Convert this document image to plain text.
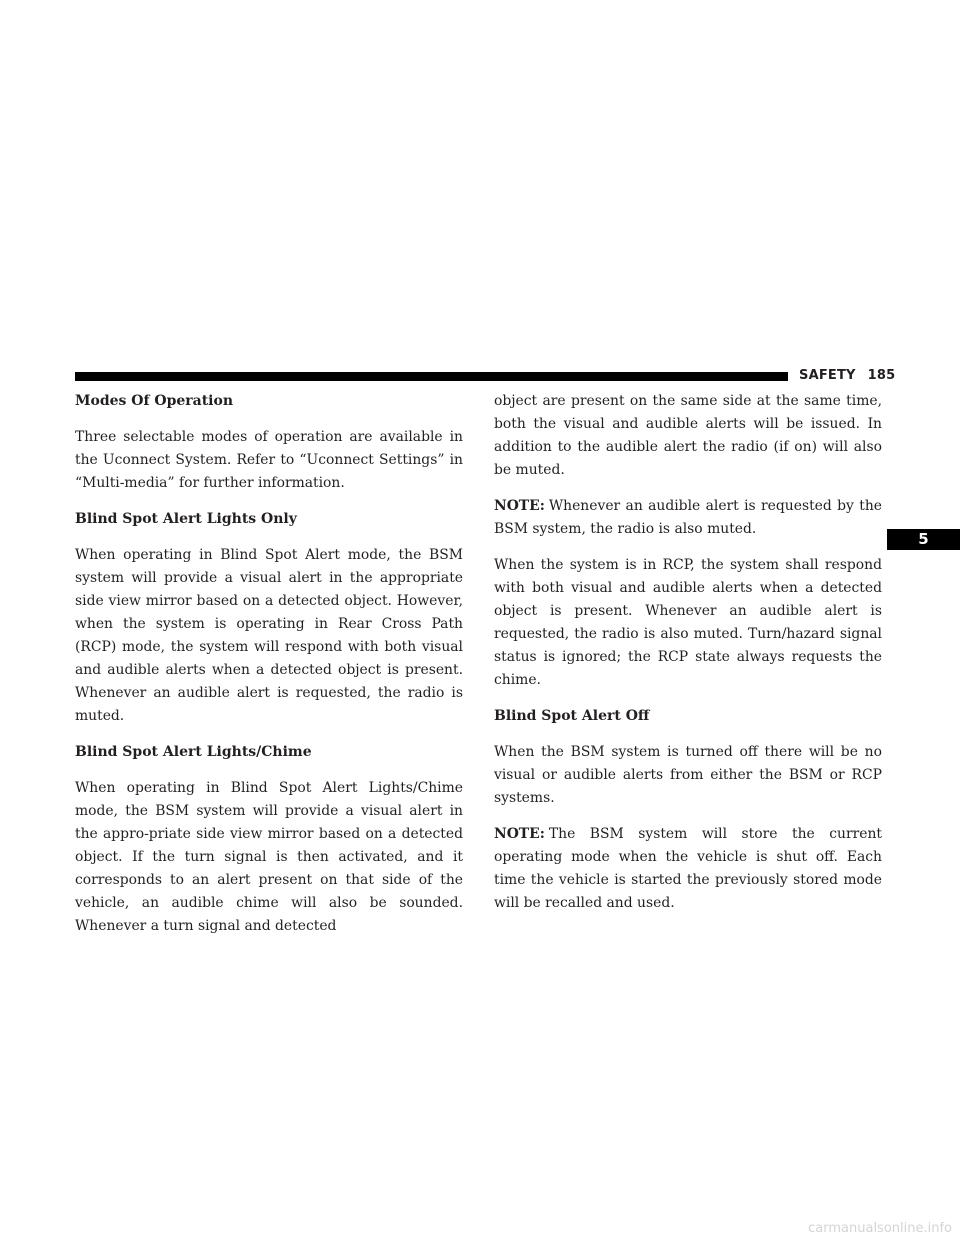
SAFETY 185
Modes Of Operation

Three selectable modes of operation are available in the Uconnect System. Refer to “Uconnect Settings” in “Multi-media” for further information.

Blind Spot Alert Lights Only

When operating in Blind Spot Alert mode, the BSM system will provide a visual alert in the appropriate side view mirror based on a detected object. However, when the system is operating in Rear Cross Path (RCP) mode, the system will respond with both visual and audible alerts when a detected object is present. Whenever an audible alert is requested, the radio is muted.

Blind Spot Alert Lights/Chime

When operating in Blind Spot Alert Lights/Chime mode, the BSM system will provide a visual alert in the appro-priate side view mirror based on a detected object. If the turn signal is then activated, and it corresponds to an alert present on that side of the vehicle, an audible chime will also be sounded. Whenever a turn signal and detected

object are present on the same side at the same time, both the visual and audible alerts will be issued. In addition to the audible alert the radio (if on) will also be muted.

NOTE: Whenever an audible alert is requested by the BSM system, the radio is also muted.

When the system is in RCP, the system shall respond with both visual and audible alerts when a detected object is present. Whenever an audible alert is requested, the radio is also muted. Turn/hazard signal status is ignored; the RCP state always requests the chime.

Blind Spot Alert Off

When the BSM system is turned off there will be no visual or audible alerts from either the BSM or RCP systems.

NOTE: The BSM system will store the current operating mode when the vehicle is shut off. Each time the vehicle is started the previously stored mode will be recalled and used.

5
carmanualsonline.info
